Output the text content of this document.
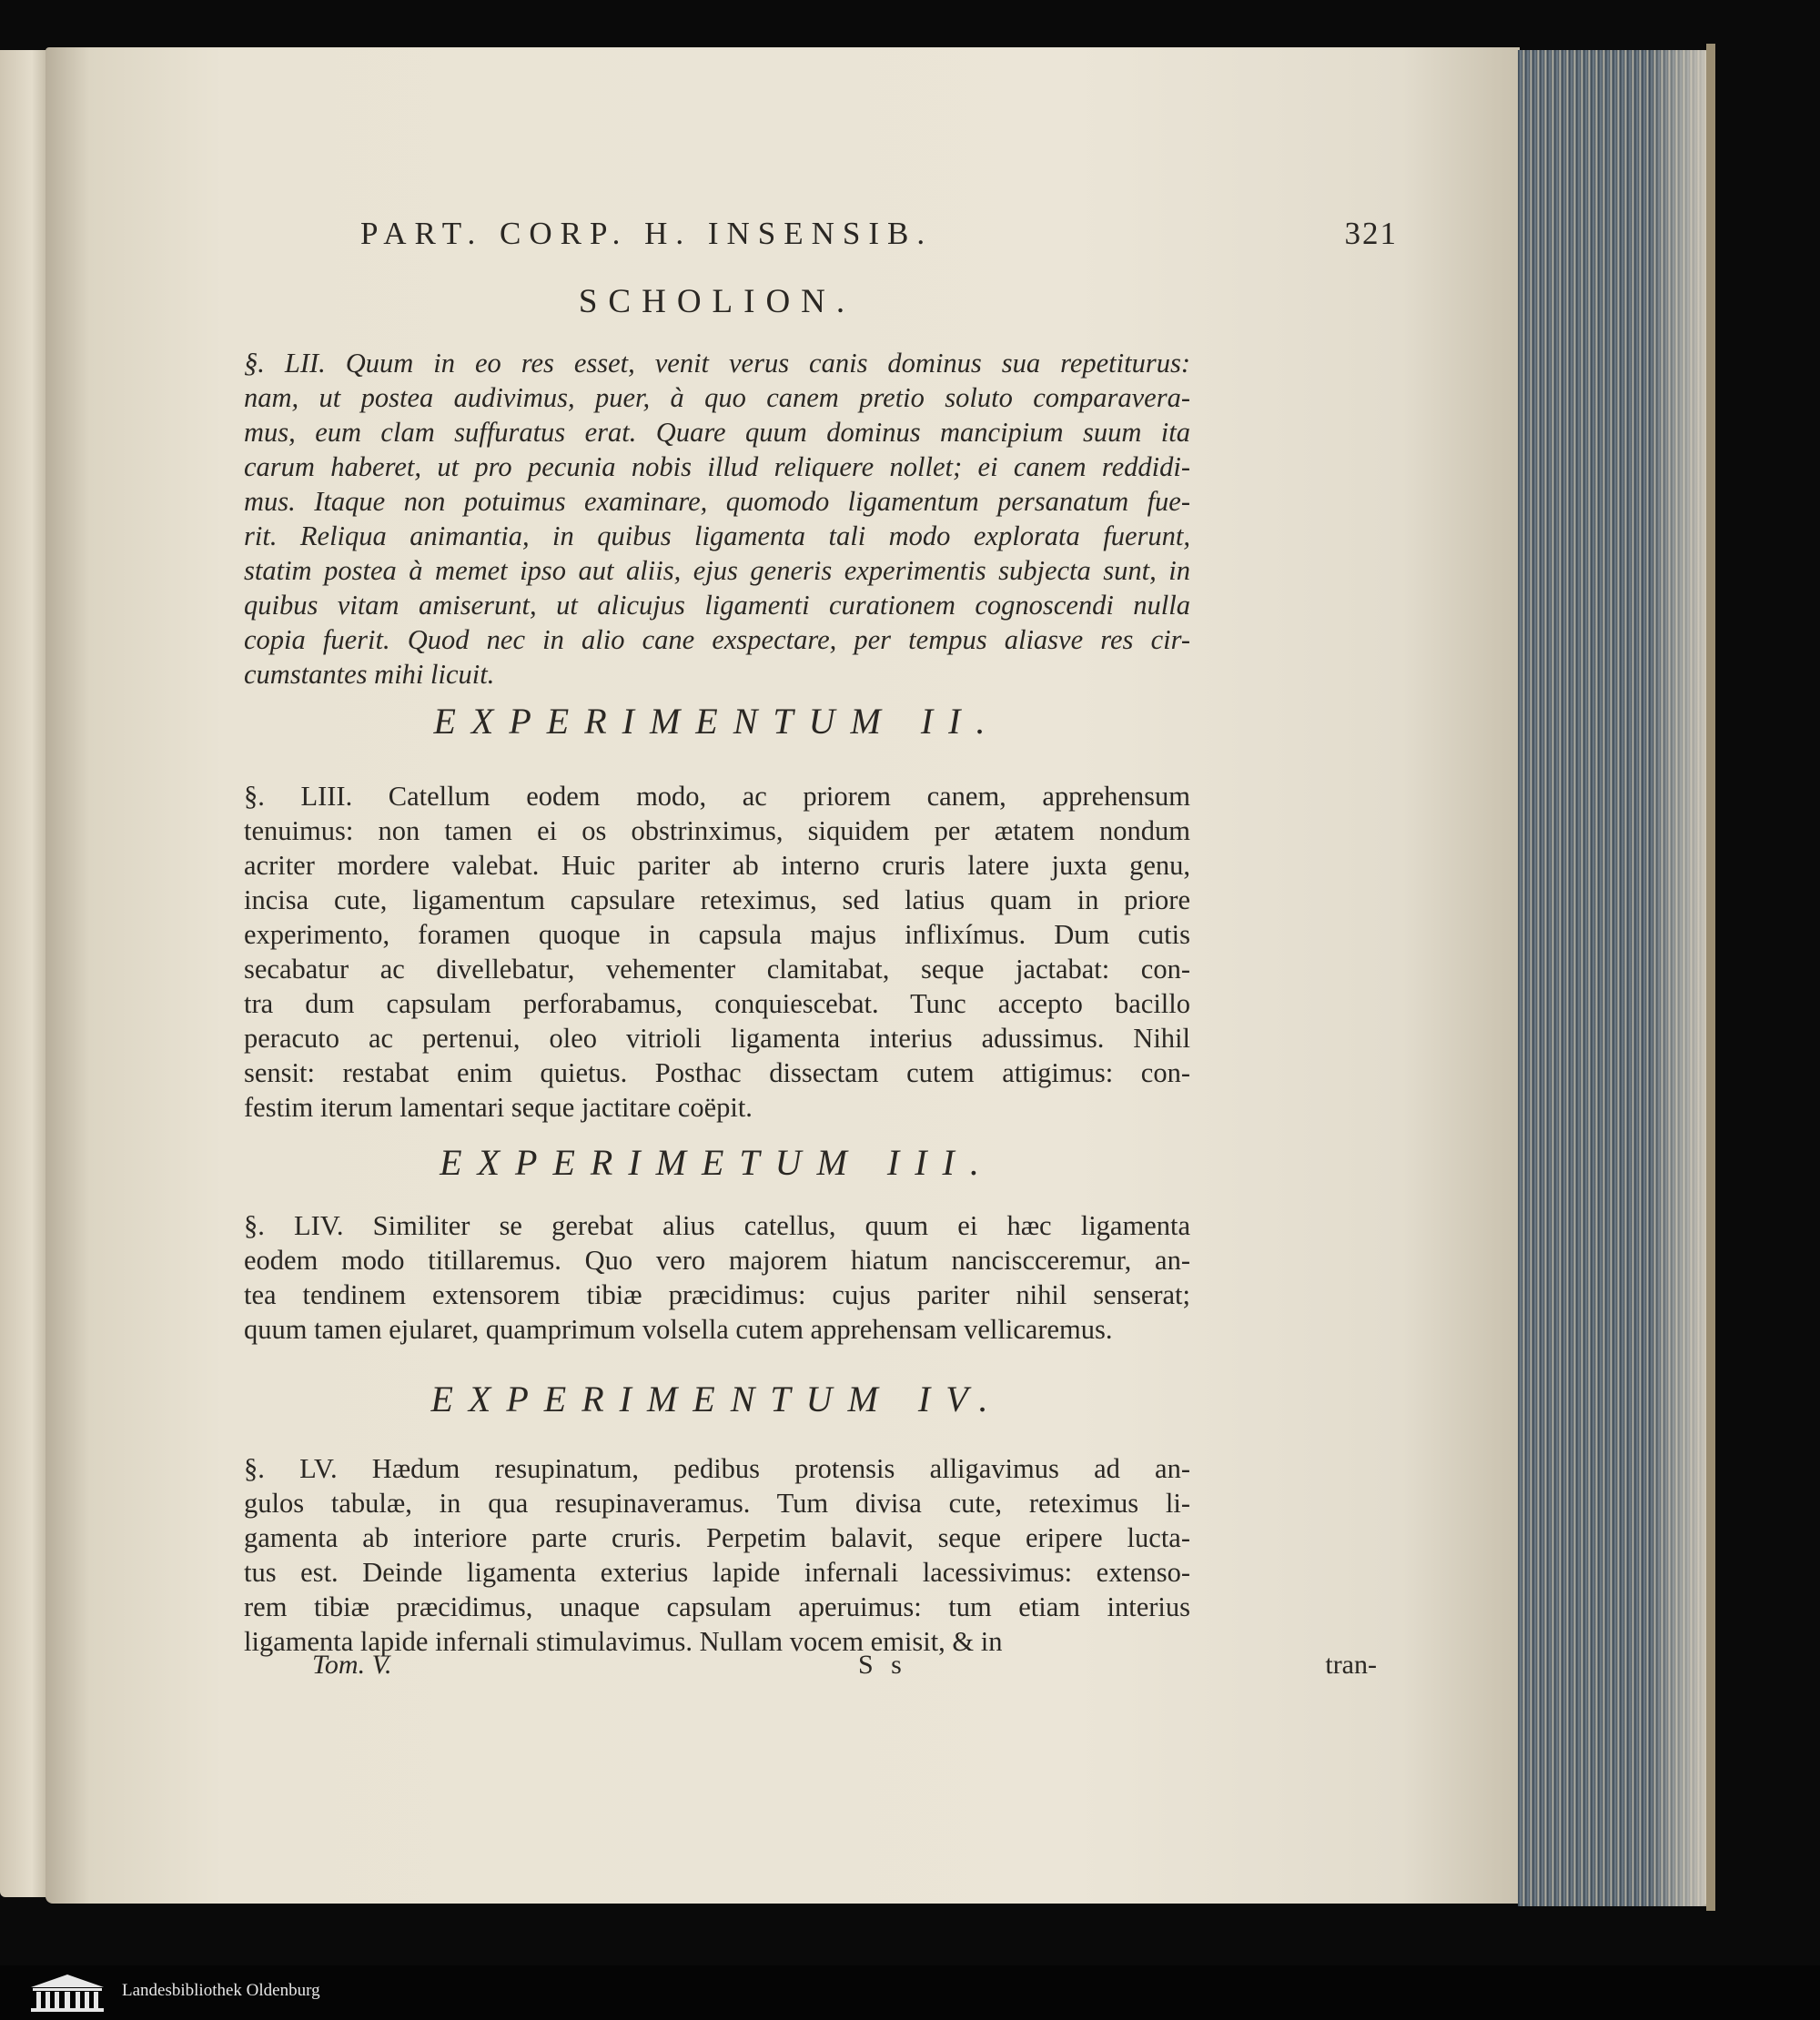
PART. CORP. H. INSENSIB.	321
SCHOLION.
§. LII. Quum in eo res esset, venit verus canis dominus sua repetiturus:
nam, ut postea audivimus, puer, à quo canem pretio soluto comparavera-
mus, eum clam suffuratus erat. Quare quum dominus mancipium suum ita
carum haberet, ut pro pecunia nobis illud reliquere nollet; ei canem reddidi-
mus. Itaque non potuimus examinare, quomodo ligamentum persanatum fue-
rit. Reliqua animantia, in quibus ligamenta tali modo explorata fuerunt,
statim postea à memet ipso aut aliis, ejus generis experimentis subjecta sunt, in
quibus vitam amiserunt, ut alicujus ligamenti curationem cognoscendi nulla
copia fuerit. Quod nec in alio cane exspectare, per tempus aliasve res cir-
cumstantes mihi licuit.
EXPERIMENTUM II.
§. LIII. Catellum eodem modo, ac priorem canem, apprehensum
tenuimus: non tamen ei os obstrinximus, siquidem per ætatem nondum
acriter mordere valebat. Huic pariter ab interno cruris latere juxta genu,
incisa cute, ligamentum capsulare reteximus, sed latius quam in priore
experimento, foramen quoque in capsula majus inflixímus. Dum cutis
secabatur ac divellebatur, vehementer clamitabat, seque jactabat: con-
tra dum capsulam perforabamus, conquiescebat. Tunc accepto bacillo
peracuto ac pertenui, oleo vitrioli ligamenta interius adussimus. Nihil
sensit: restabat enim quietus. Posthac dissectam cutem attigimus: con-
festim iterum lamentari seque jactitare coëpit.
EXPERIMETUM III.
§. LIV. Similiter se gerebat alius catellus, quum ei hæc ligamenta
eodem modo titillaremus. Quo vero majorem hiatum nanciscceremur, an-
tea tendinem extensorem tibiæ præcidimus: cujus pariter nihil senserat;
quum tamen ejularet, quamprimum volsella cutem apprehensam vellicaremus.
EXPERIMENTUM IV.
§. LV. Hædum resupinatum, pedibus protensis alligavimus ad an-
gulos tabulæ, in qua resupinaveramus. Tum divisa cute, reteximus li-
gamenta ab interiore parte cruris. Perpetim balavit, seque eripere lucta-
tus est. Deinde ligamenta exterius lapide infernali lacessivimus: extenso-
rem tibiæ præcidimus, unaque capsulam aperuimus: tum etiam interius
ligamenta lapide infernali stimulavimus. Nullam vocem emisit, & in
Tom. V.	S s	tran-
Landesbibliothek Oldenburg
